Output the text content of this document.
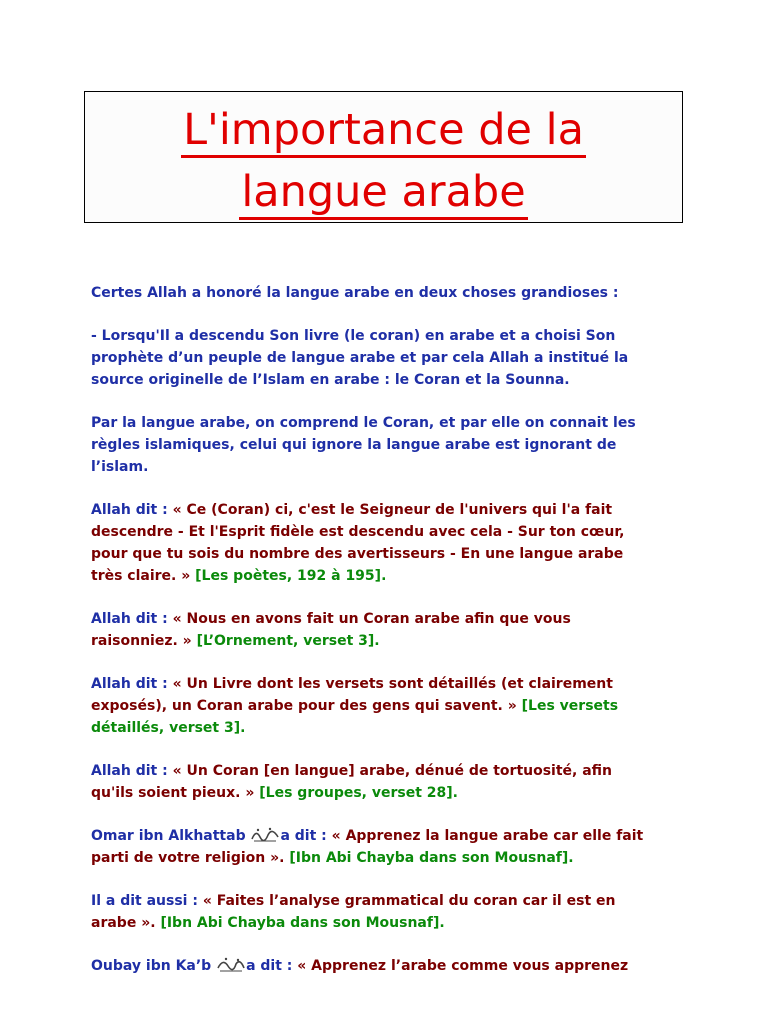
L'importance de la
langue arabe
Certes Allah a honoré la langue arabe en deux choses grandioses :
- Lorsqu'Il a descendu Son livre (le coran) en arabe et a choisi Son
prophète d’un peuple de langue arabe et par cela Allah a institué la
source originelle de l’Islam en arabe : le Coran et la Sounna.
Par la langue arabe, on comprend le Coran, et par elle on connait les
règles islamiques, celui qui ignore la langue arabe est ignorant de
l’islam.
Allah dit : « Ce (Coran) ci, c'est le Seigneur de l'univers qui l'a fait
descendre - Et l'Esprit fidèle est descendu avec cela - Sur ton cœur,
pour que tu sois du nombre des avertisseurs - En une langue arabe
très claire. » [Les poètes, 192 à 195].
Allah dit : « Nous en avons fait un Coran arabe afin que vous
raisonniez. » [L’Ornement, verset 3].
Allah dit : « Un Livre dont les versets sont détaillés (et clairement
exposés), un Coran arabe pour des gens qui savent. » [Les versets
détaillés, verset 3].
Allah dit : « Un Coran [en langue] arabe, dénué de tortuosité, afin
qu'ils soient pieux. » [Les groupes, verset 28].
Omar ibn Alkhattab a dit : « Apprenez la langue arabe car elle fait
parti de votre religion ». [Ibn Abi Chayba dans son Mousnaf].
Il a dit aussi : « Faites l’analyse grammatical du coran car il est en
arabe ». [Ibn Abi Chayba dans son Mousnaf].
Oubay ibn Ka’b a dit : « Apprenez l’arabe comme vous apprenez
